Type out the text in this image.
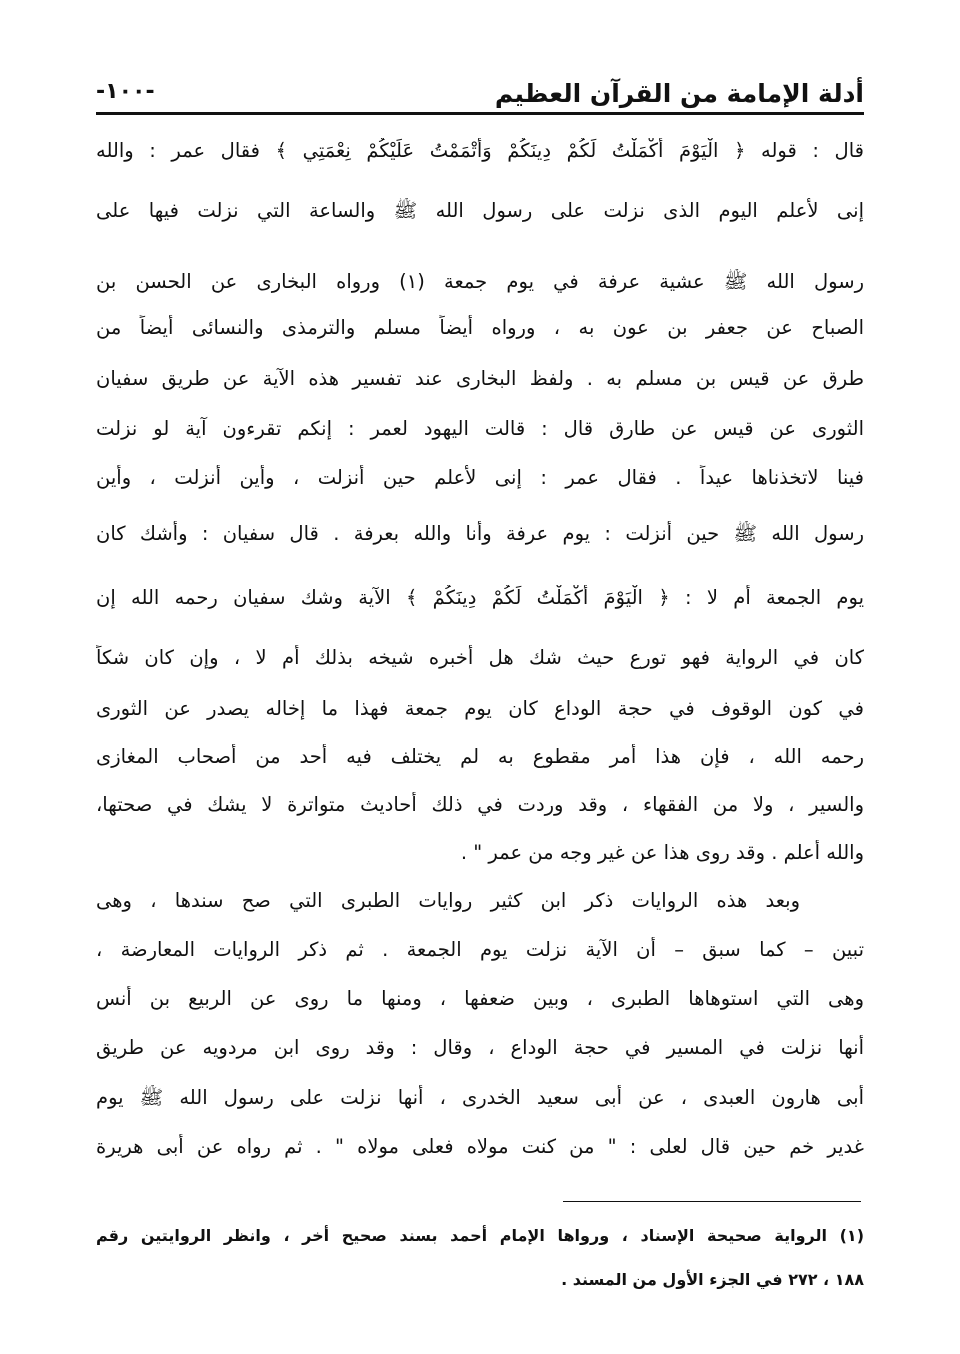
أدلة الإمامة من القرآن العظيم
-١٠٠-
قال : قوله ﴿ الْيَوْمَ أَكْمَلْتُ لَكُمْ دِينَكُمْ وَأَتْمَمْتُ عَلَيْكُمْ نِعْمَتِي ﴾ فقال عمر : والله
إنى لأعلم اليوم الذى نزلت على رسول الله ﷺ والساعة التي نزلت فيها على
رسول الله ﷺ عشية عرفة في يوم جمعة (١) ورواه البخارى عن الحسن بن
الصباح عن جعفر بن عون به ، ورواه أيضاً مسلم والترمذى والنسائى أيضاً من
طرق عن قيس بن مسلم به . ولفظ البخارى عند تفسير هذه الآية عن طريق سفيان
الثورى عن قيس عن طارق قال : قالت اليهود لعمر : إنكم تقرءون آية لو نزلت
فينا لاتخذناها عيداً . فقال عمر : إنى لأعلم حين أنزلت ، وأين أنزلت ، وأين
رسول الله ﷺ حين أنزلت : يوم عرفة وأنا والله بعرفة . قال سفيان : وأشك كان
يوم الجمعة أم لا : ﴿ الْيَوْمَ أَكْمَلْتُ لَكُمْ دِينَكُمْ ﴾ الآية وشك سفيان رحمه الله إن
كان في الرواية فهو تورع حيث شك هل أخبره شيخه بذلك أم لا ، وإن كان شكاً
في كون الوقوف في حجة الوداع كان يوم جمعة فهذا ما إخاله يصدر عن الثورى
رحمه الله ، فإن هذا أمر مقطوع به لم يختلف فيه أحد من أصحاب المغازى
والسير ، ولا من الفقهاء ، وقد وردت في ذلك أحاديث متواترة لا يشك في صحتها،
والله أعلم . وقد روى هذا عن غير وجه من عمر " .
وبعد هذه الروايات ذكر ابن كثير روايات الطبرى التي صح سندها ، وهى
تبين – كما سبق – أن الآية نزلت يوم الجمعة . ثم ذكر الروايات المعارضة ،
وهى التي استوهاها الطبرى ، وبين ضعفها ، ومنها ما روى عن الربيع بن أنس
أنها نزلت في المسير في حجة الوداع ، وقال : وقد روى ابن مردويه عن طريق
أبى هارون العبدى ، عن أبى سعيد الخدرى ، أنها نزلت على رسول الله ﷺ يوم
غدير خم حين قال لعلى : " من كنت مولاه فعلى مولاه " . ثم رواه عن أبى هريرة
(١) الرواية صحيحة الإسناد ، ورواها الإمام أحمد بسند صحيح أخر ، وانظر الروايتين رقم
١٨٨ ، ٢٧٢ في الجزء الأول من المسند .
